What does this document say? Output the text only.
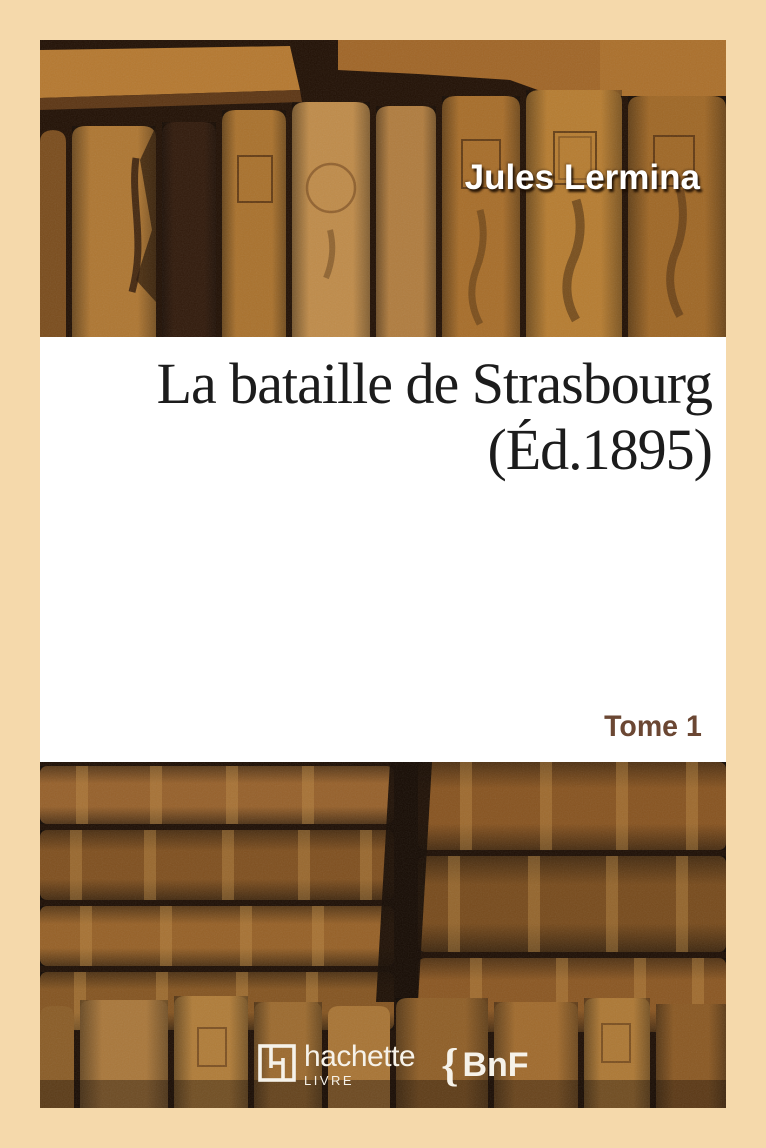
Jules Lermina
La bataille de Strasbourg
(Éd.1895)
Tome 1
hachette
LIVRE	{ BnF
